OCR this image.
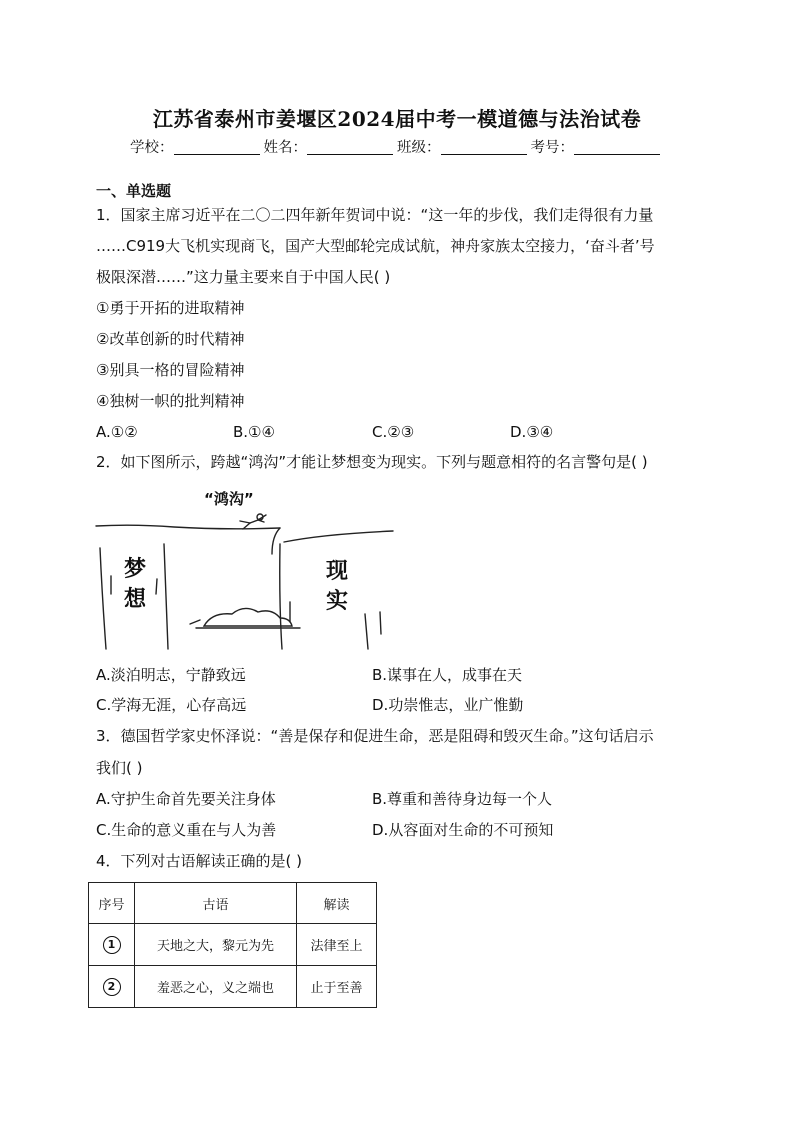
江苏省泰州市姜堰区2024届中考一模道德与法治试卷
学校：	姓名：	班级：	考号：
一、单选题
1．国家主席习近平在二〇二四年新年贺词中说：“这一年的步伐，我们走得很有力量
……C919大飞机实现商飞，国产大型邮轮完成试航，神舟家族太空接力，‘奋斗者’号
极限深潜……”这力量主要来自于中国人民( )
①勇于开拓的进取精神
②改革创新的时代精神
③别具一格的冒险精神
④独树一帜的批判精神
A.①②	B.①④	C.②③	D.③④
2．如下图所示，跨越“鸿沟”才能让梦想变为现实。下列与题意相符的名言警句是( )
“鸿沟”
梦
想
现
实
A.淡泊明志，宁静致远	B.谋事在人，成事在天
C.学海无涯，心存高远	D.功崇惟志，业广惟勤
3．德国哲学家史怀泽说：“善是保存和促进生命，恶是阻碍和毁灭生命。”这句话启示
我们( )
A.守护生命首先要关注身体	B.尊重和善待身边每一个人
C.生命的意义重在与人为善	D.从容面对生命的不可预知
4．下列对古语解读正确的是( )
序号	古语	解读
1	天地之大，黎元为先	法律至上
2	羞恶之心，义之端也	止于至善
